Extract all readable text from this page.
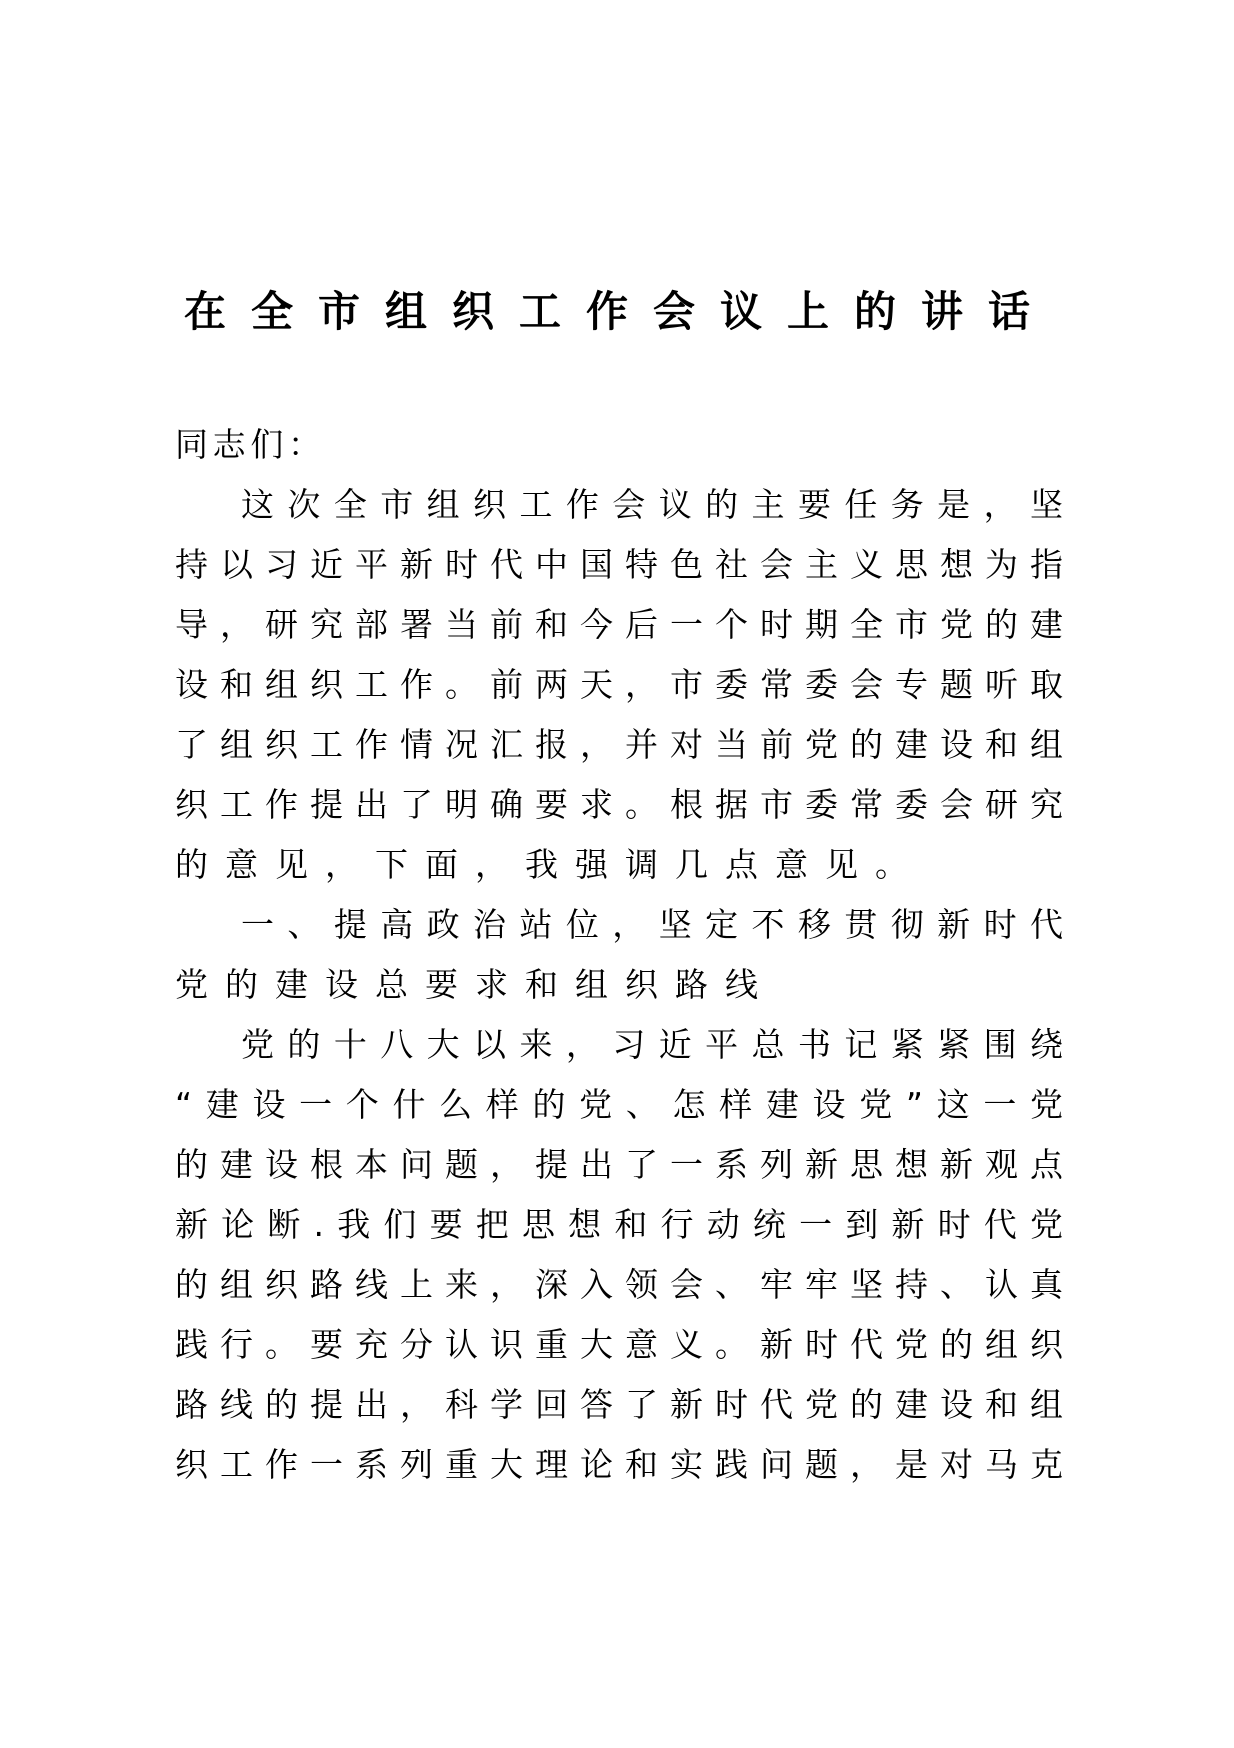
在全市组织工作会议上的讲话
同志们：
这次全市组织工作会议的主要任务是，坚
持以习近平新时代中国特色社会主义思想为指
导，研究部署当前和今后一个时期全市党的建
设和组织工作。前两天，市委常委会专题听取
了组织工作情况汇报，并对当前党的建设和组
织工作提出了明确要求。根据市委常委会研究
的意见，下面，我强调几点意见。
一、提高政治站位，坚定不移贯彻新时代
党的建设总要求和组织路线
党的十八大以来，习近平总书记紧紧围绕
“建设一个什么样的党、怎样建设党”这一党
的建设根本问题，提出了一系列新思想新观点
新论断.我们要把思想和行动统一到新时代党
的组织路线上来，深入领会、牢牢坚持、认真
践行。要充分认识重大意义。新时代党的组织
路线的提出，科学回答了新时代党的建设和组
织工作一系列重大理论和实践问题，是对马克
